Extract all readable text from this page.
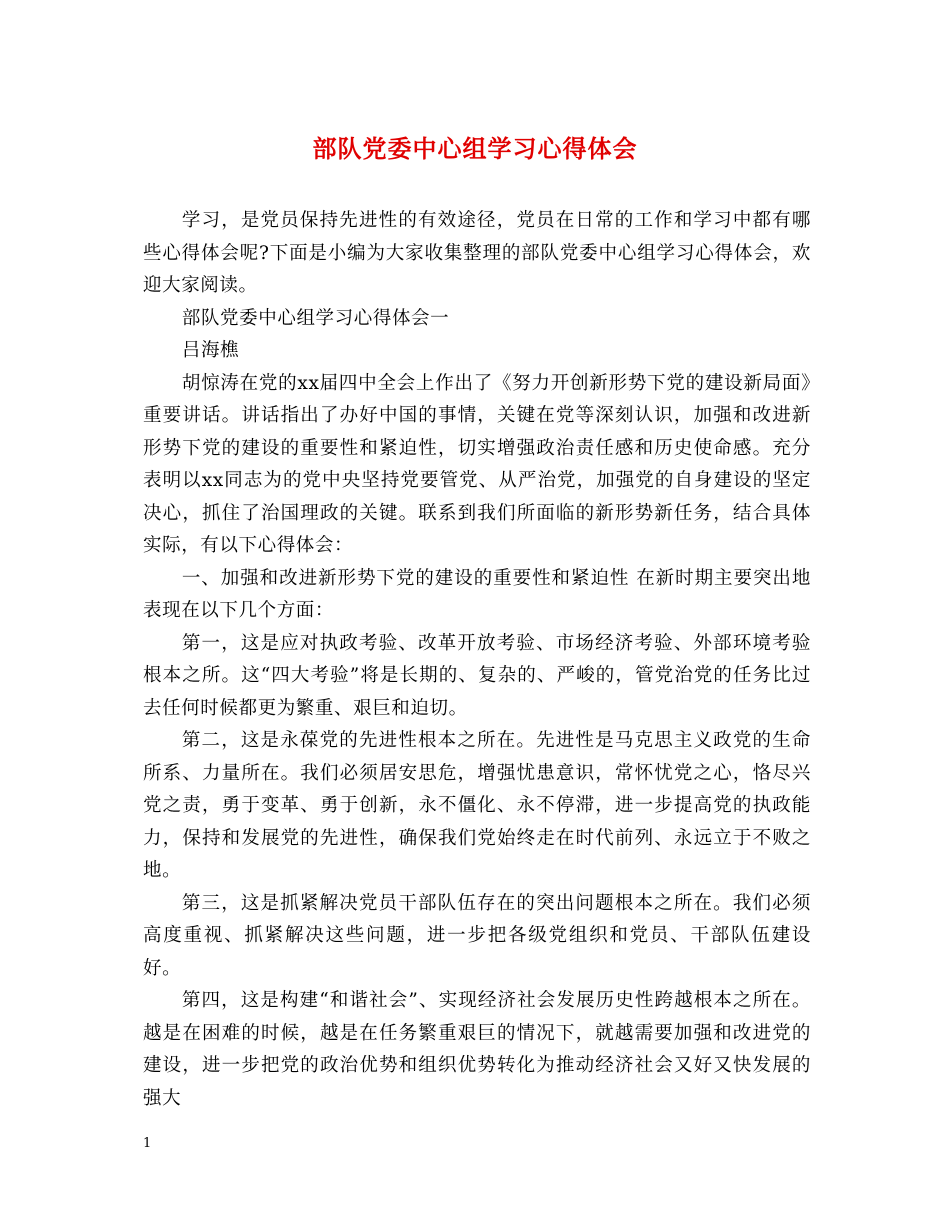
部队党委中心组学习心得体会

学习，是党员保持先进性的有效途径，党员在日常的工作和学习中都有哪些心得体会呢?下面是小编为大家收集整理的部队党委中心组学习心得体会，欢迎大家阅读。

部队党委中心组学习心得体会一

吕海樵

胡惊涛在党的xx届四中全会上作出了《努力开创新形势下党的建设新局面》重要讲话。讲话指出了办好中国的事情，关键在党等深刻认识，加强和改进新形势下党的建设的重要性和紧迫性，切实增强政治责任感和历史使命感。充分表明以xx同志为的党中央坚持党要管党、从严治党，加强党的自身建设的坚定决心，抓住了治国理政的关键。联系到我们所面临的新形势新任务，结合具体实际，有以下心得体会：

一、加强和改进新形势下党的建设的重要性和紧迫性 在新时期主要突出地表现在以下几个方面：

第一，这是应对执政考验、改革开放考验、市场经济考验、外部环境考验根本之所。这“四大考验”将是长期的、复杂的、严峻的，管党治党的任务比过去任何时候都更为繁重、艰巨和迫切。

第二，这是永葆党的先进性根本之所在。先进性是马克思主义政党的生命所系、力量所在。我们必须居安思危，增强忧患意识，常怀忧党之心，恪尽兴党之责，勇于变革、勇于创新，永不僵化、永不停滞，进一步提高党的执政能力，保持和发展党的先进性，确保我们党始终走在时代前列、永远立于不败之地。

第三，这是抓紧解决党员干部队伍存在的突出问题根本之所在。我们必须高度重视、抓紧解决这些问题，进一步把各级党组织和党员、干部队伍建设好。

第四，这是构建“和谐社会”、实现经济社会发展历史性跨越根本之所在。越是在困难的时候，越是在任务繁重艰巨的情况下，就越需要加强和改进党的建设，进一步把党的政治优势和组织优势转化为推动经济社会又好又快发展的强大

1
